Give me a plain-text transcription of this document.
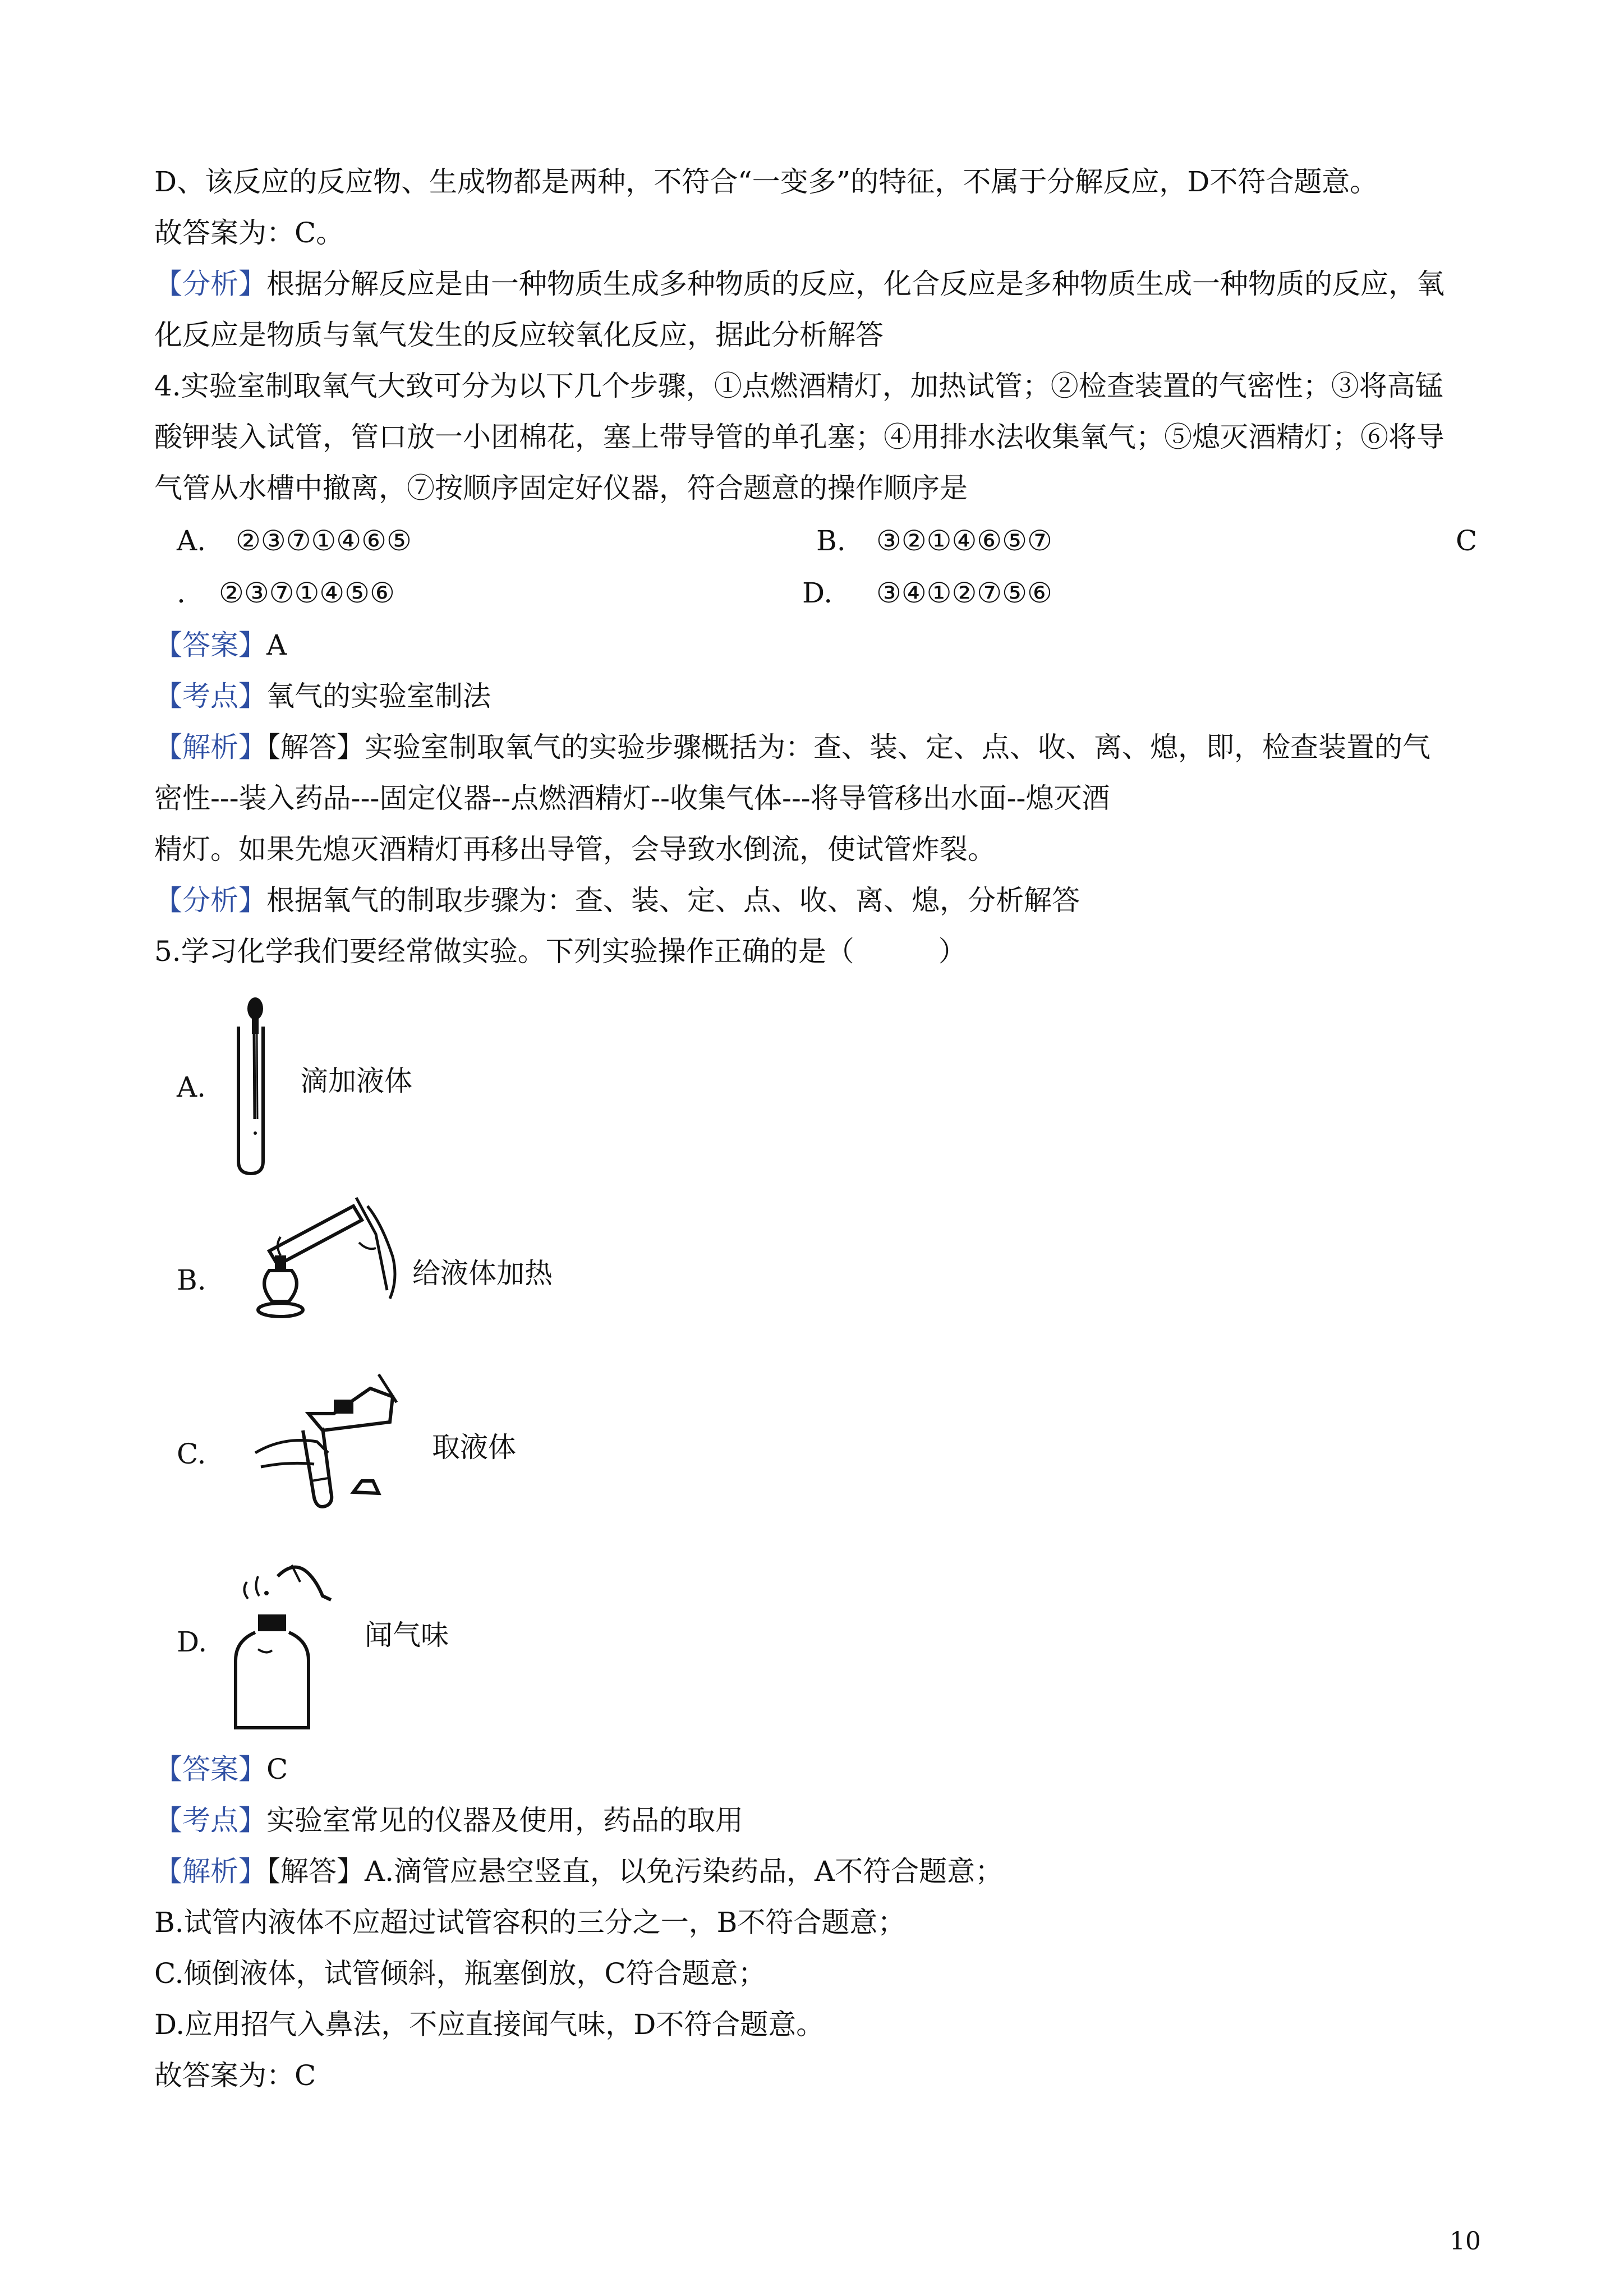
D、该反应的反应物、生成物都是两种，不符合“一变多”的特征，不属于分解反应，D不符合题意。
故答案为：C。
【分析】根据分解反应是由一种物质生成多种物质的反应，化合反应是多种物质生成一种物质的反应，氧
化反应是物质与氧气发生的反应较氧化反应，据此分析解答
4.实验室制取氧气大致可分为以下几个步骤，①点燃酒精灯，加热试管；②检查装置的气密性；③将高锰
酸钾装入试管，管口放一小团棉花，塞上带导管的单孔塞；④用排水法收集氧气；⑤熄灭酒精灯；⑥将导
气管从水槽中撤离，⑦按顺序固定好仪器，符合题意的操作顺序是
A. ②③⑦①④⑥⑤	B. ③②①④⑥⑤⑦	C
. ②③⑦①④⑤⑥	D. ③④①②⑦⑤⑥
【答案】A
【考点】氧气的实验室制法
【解析】【解答】实验室制取氧气的实验步骤概括为：查、装、定、点、收、离、熄，即，检查装置的气
密性---装入药品---固定仪器--点燃酒精灯--收集气体---将导管移出水面--熄灭酒
精灯。如果先熄灭酒精灯再移出导管，会导致水倒流，使试管炸裂。
【分析】根据氧气的制取步骤为：查、装、定、点、收、离、熄，分析解答
5.学习化学我们要经常做实验。下列实验操作正确的是（　　　）
A.	滴加液体
B.	给液体加热
C.	取液体
D.	闻气味
【答案】C
【考点】实验室常见的仪器及使用，药品的取用
【解析】【解答】A.滴管应悬空竖直，以免污染药品，A不符合题意；
B.试管内液体不应超过试管容积的三分之一，B不符合题意；
C.倾倒液体，试管倾斜，瓶塞倒放，C符合题意；
D.应用招气入鼻法，不应直接闻气味，D不符合题意。
故答案为：C
10
